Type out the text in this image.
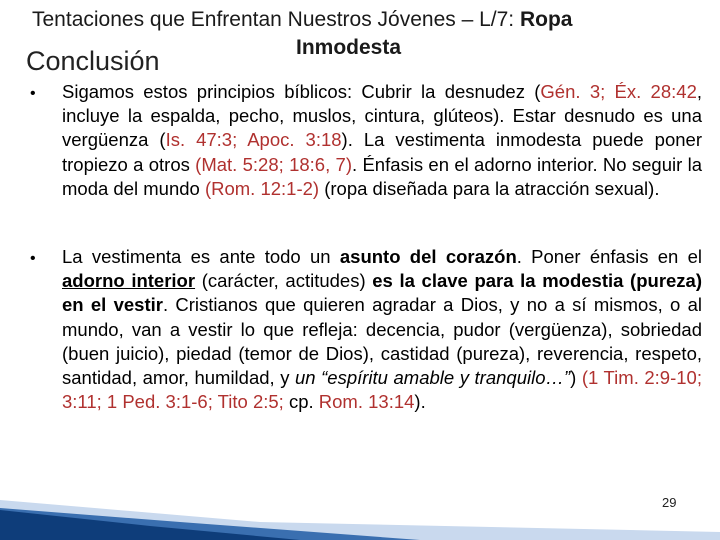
Tentaciones que Enfrentan Nuestros Jóvenes – L/7: Ropa
Inmodesta
Conclusión
• Sigamos estos principios bíblicos: Cubrir la desnudez (Gén. 3; Éx. 28:42, incluye la espalda, pecho, muslos, cintura, glúteos). Estar desnudo es una vergüenza (Is. 47:3; Apoc. 3:18). La vestimenta inmodesta puede poner tropiezo a otros (Mat. 5:28; 18:6, 7). Énfasis en el adorno interior. No seguir la moda del mundo (Rom. 12:1-2) (ropa diseñada para la atracción sexual).
• La vestimenta es ante todo un asunto del corazón. Poner énfasis en el adorno interior (carácter, actitudes) es la clave para la modestia (pureza) en el vestir. Cristianos que quieren agradar a Dios, y no a sí mismos, o al mundo, van a vestir lo que refleja: decencia, pudor (vergüenza), sobriedad (buen juicio), piedad (temor de Dios), castidad (pureza), reverencia, respeto, santidad, amor, humildad, y un “espíritu amable y tranquilo…”) (1 Tim. 2:9-10; 3:11; 1 Ped. 3:1-6; Tito 2:5; cp. Rom. 13:14).
29
